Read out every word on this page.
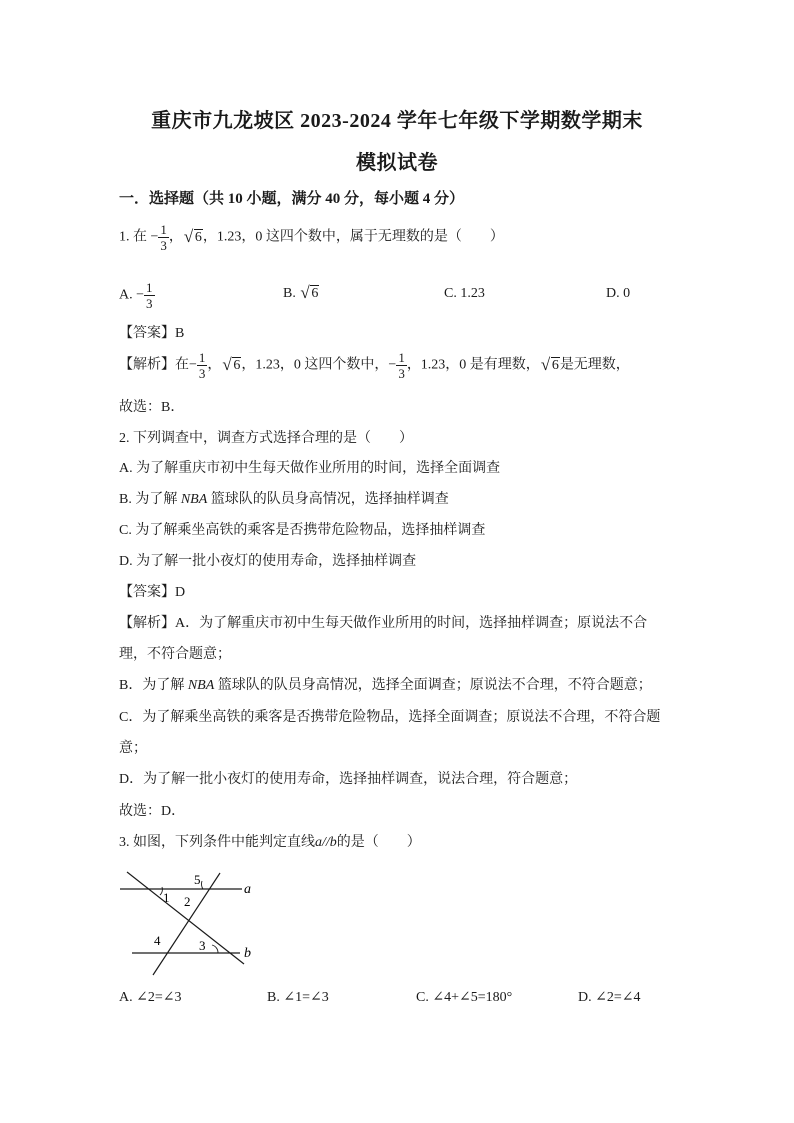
重庆市九龙坡区 2023-2024 学年七年级下学期数学期末
模拟试卷
一．选择题（共 10 小题，满分 40 分，每小题 4 分）
1. 在 − $\frac{1}{3}$ ， √ 6，1.23，0 这四个数中，属于无理数的是（　　）
A. − $\frac{1}{3}$	B. √ 6	C. 1.23	D. 0
【答案】B
【解析】在− $\frac{1}{3}$ ， √ 6，1.23，0 这四个数中，− $\frac{1}{3}$ ，1.23，0 是有理数， √ 6是无理数，
故选：B．
2. 下列调查中，调查方式选择合理的是（　　）
A. 为了解重庆市初中生每天做作业所用的时间，选择全面调查
B. 为了解 NBA 篮球队的队员身高情况，选择抽样调查
C. 为了解乘坐高铁的乘客是否携带危险物品，选择抽样调查
D. 为了解一批小夜灯的使用寿命，选择抽样调查
【答案】D
【解析】A．为了解重庆市初中生每天做作业所用的时间，选择抽样调查；原说法不合
理，不符合题意；
B．为了解 NBA 篮球队的队员身高情况，选择全面调查；原说法不合理，不符合题意；
C．为了解乘坐高铁的乘客是否携带危险物品，选择全面调查；原说法不合理，不符合题
意；
D．为了解一批小夜灯的使用寿命，选择抽样调查，说法合理，符合题意；
故选：D．
3. 如图，下列条件中能判定直线a//b的是（　　）
a
b
5
1 2
4	3
A. ∠2=∠3	B. ∠1=∠3	C. ∠4+∠5=180°	D. ∠2=∠4
